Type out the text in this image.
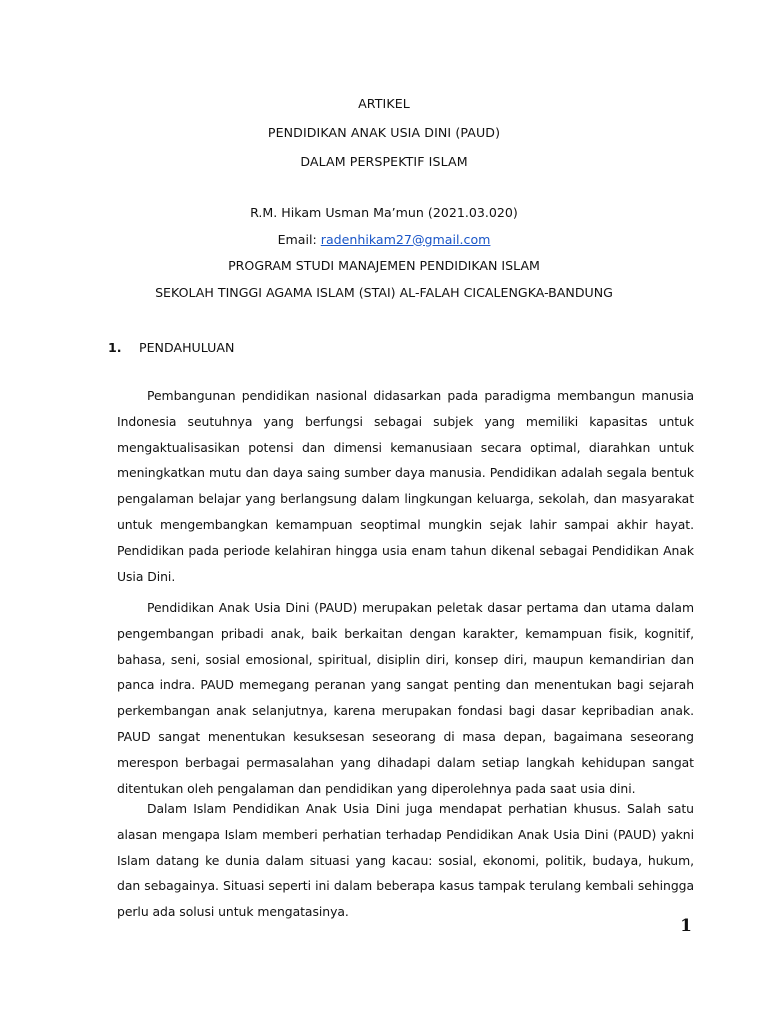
ARTIKEL

PENDIDIKAN ANAK USIA DINI (PAUD)

DALAM PERSPEKTIF ISLAM

R.M. Hikam Usman Ma’mun (2021.03.020)

Email: radenhikam27@gmail.com

PROGRAM STUDI MANAJEMEN PENDIDIKAN ISLAM

SEKOLAH TINGGI AGAMA ISLAM (STAI) AL-FALAH CICALENGKA-BANDUNG

1. PENDAHULUAN

Pembangunan pendidikan nasional didasarkan pada paradigma membangun manusia Indonesia seutuhnya yang berfungsi sebagai subjek yang memiliki kapasitas untuk mengaktualisasikan potensi dan dimensi kemanusiaan secara optimal, diarahkan untuk meningkatkan mutu dan daya saing sumber daya manusia. Pendidikan adalah segala bentuk pengalaman belajar yang berlangsung dalam lingkungan keluarga, sekolah, dan masyarakat untuk mengembangkan kemampuan seoptimal mungkin sejak lahir sampai akhir hayat. Pendidikan pada periode kelahiran hingga usia enam tahun dikenal sebagai Pendidikan Anak Usia Dini.

Pendidikan Anak Usia Dini (PAUD) merupakan peletak dasar pertama dan utama dalam pengembangan pribadi anak, baik berkaitan dengan karakter, kemampuan fisik, kognitif, bahasa, seni, sosial emosional, spiritual, disiplin diri, konsep diri, maupun kemandirian dan panca indra. PAUD memegang peranan yang sangat penting dan menentukan bagi sejarah perkembangan anak selanjutnya, karena merupakan fondasi bagi dasar kepribadian anak. PAUD sangat menentukan kesuksesan seseorang di masa depan, bagaimana seseorang merespon berbagai permasalahan yang dihadapi dalam setiap langkah kehidupan sangat ditentukan oleh pengalaman dan pendidikan yang diperolehnya pada saat usia dini.

Dalam Islam Pendidikan Anak Usia Dini juga mendapat perhatian khusus. Salah satu alasan mengapa Islam memberi perhatian terhadap Pendidikan Anak Usia Dini (PAUD) yakni Islam datang ke dunia dalam situasi yang kacau: sosial, ekonomi, politik, budaya, hukum, dan sebagainya. Situasi seperti ini dalam beberapa kasus tampak terulang kembali sehingga perlu ada solusi untuk mengatasinya.

1
